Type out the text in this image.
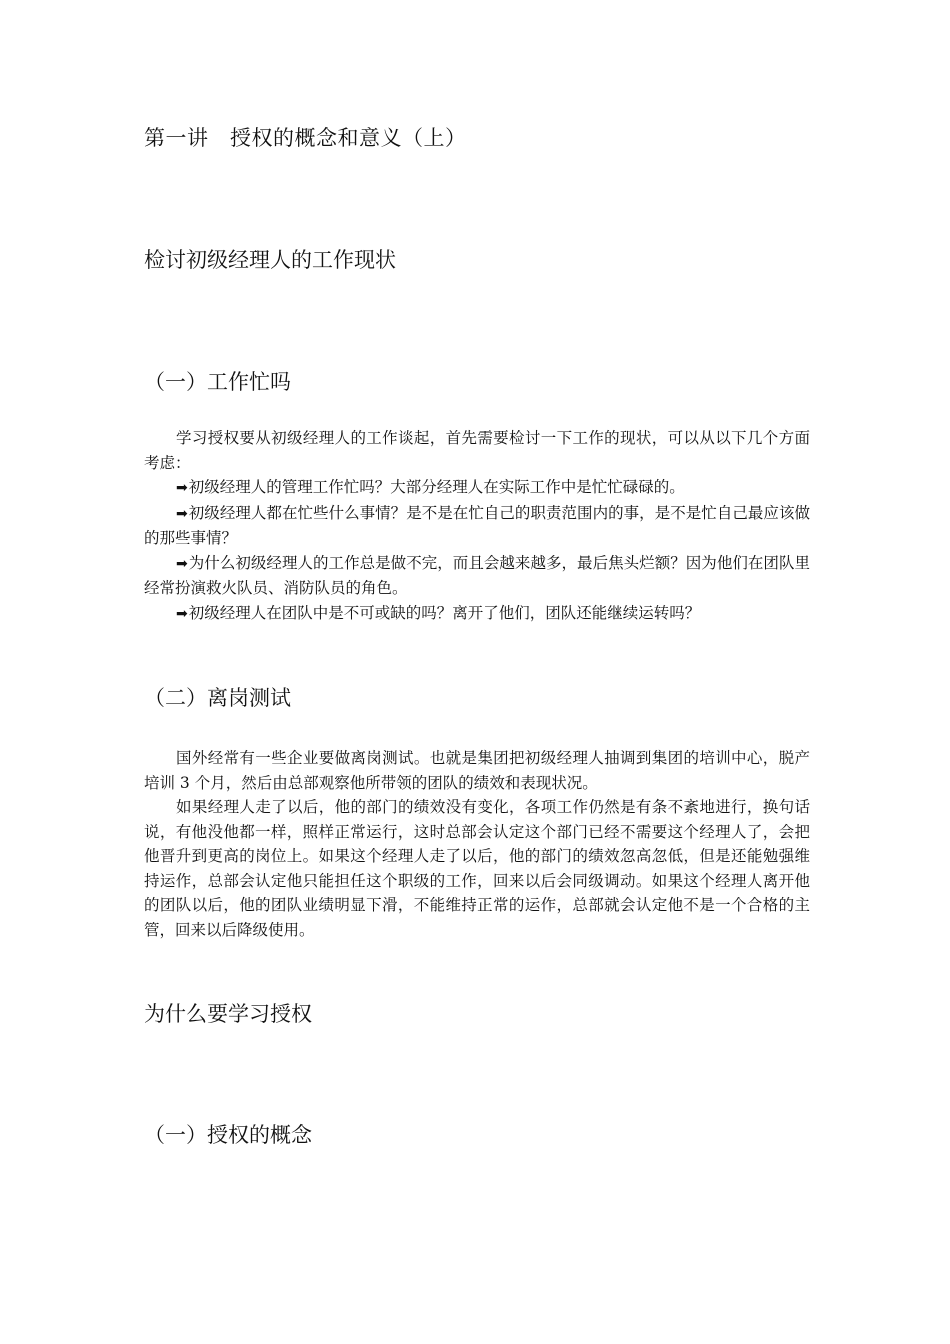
第一讲　授权的概念和意义（上）
检讨初级经理人的工作现状
（一）工作忙吗

学习授权要从初级经理人的工作谈起，首先需要检讨一下工作的现状，可以从以下几个方面考虑：

➡初级经理人的管理工作忙吗？大部分经理人在实际工作中是忙忙碌碌的。

➡初级经理人都在忙些什么事情？是不是在忙自己的职责范围内的事，是不是忙自己最应该做的那些事情？

➡为什么初级经理人的工作总是做不完，而且会越来越多，最后焦头烂额？因为他们在团队里经常扮演救火队员、消防队员的角色。

➡初级经理人在团队中是不可或缺的吗？离开了他们，团队还能继续运转吗？

（二）离岗测试

国外经常有一些企业要做离岗测试。也就是集团把初级经理人抽调到集团的培训中心，脱产培训 3 个月，然后由总部观察他所带领的团队的绩效和表现状况。

如果经理人走了以后，他的部门的绩效没有变化，各项工作仍然是有条不紊地进行，换句话说，有他没他都一样，照样正常运行，这时总部会认定这个部门已经不需要这个经理人了，会把他晋升到更高的岗位上。如果这个经理人走了以后，他的部门的绩效忽高忽低，但是还能勉强维持运作，总部会认定他只能担任这个职级的工作，回来以后会同级调动。如果这个经理人离开他的团队以后，他的团队业绩明显下滑，不能维持正常的运作，总部就会认定他不是一个合格的主管，回来以后降级使用。

为什么要学习授权
（一）授权的概念
